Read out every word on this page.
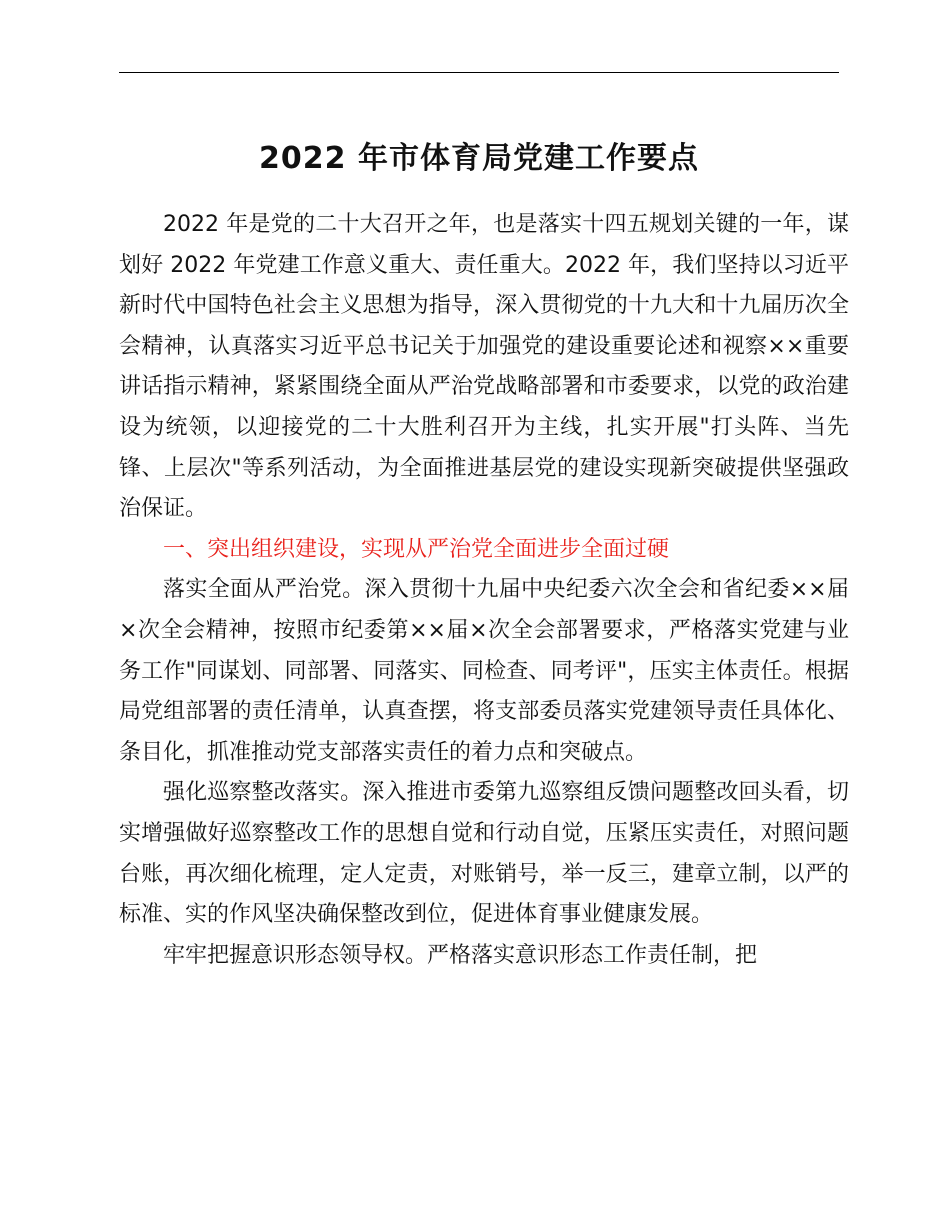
2022 年市体育局党建工作要点

2022 年是党的二十大召开之年，也是落实十四五规划关键的一年，谋划好 2022 年党建工作意义重大、责任重大。2022 年，我们坚持以习近平新时代中国特色社会主义思想为指导，深入贯彻党的十九大和十九届历次全会精神，认真落实习近平总书记关于加强党的建设重要论述和视察××重要讲话指示精神，紧紧围绕全面从严治党战略部署和市委要求，以党的政治建设为统领，以迎接党的二十大胜利召开为主线，扎实开展"打头阵、当先锋、上层次"等系列活动，为全面推进基层党的建设实现新突破提供坚强政治保证。

一、突出组织建设，实现从严治党全面进步全面过硬

落实全面从严治党。深入贯彻十九届中央纪委六次全会和省纪委××届×次全会精神，按照市纪委第××届×次全会部署要求，严格落实党建与业务工作"同谋划、同部署、同落实、同检查、同考评"，压实主体责任。根据局党组部署的责任清单，认真查摆，将支部委员落实党建领导责任具体化、条目化，抓准推动党支部落实责任的着力点和突破点。

强化巡察整改落实。深入推进市委第九巡察组反馈问题整改回头看，切实增强做好巡察整改工作的思想自觉和行动自觉，压紧压实责任，对照问题台账，再次细化梳理，定人定责，对账销号，举一反三，建章立制，以严的标准、实的作风坚决确保整改到位，促进体育事业健康发展。

牢牢把握意识形态领导权。严格落实意识形态工作责任制，把
